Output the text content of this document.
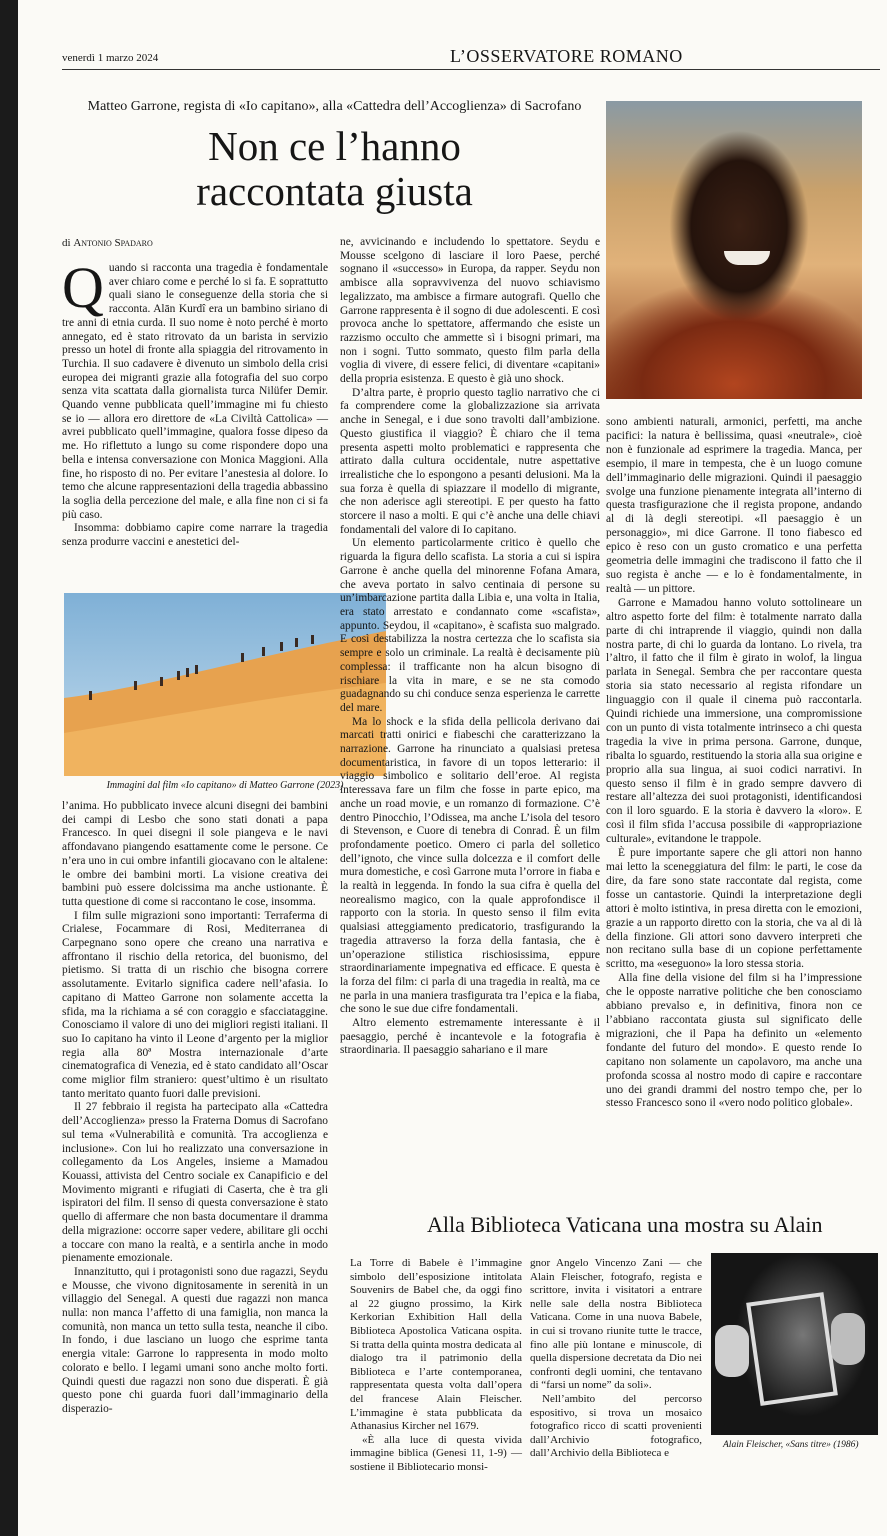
venerdì 1 marzo 2024	L’OSSERVATORE ROMANO
Matteo Garrone, regista di «Io capitano», alla «Cattedra dell’Accoglienza» di Sacrofano
Non ce l’hanno
raccontata giusta
di Antonio Spadaro

Quando si racconta una tragedia è fondamentale aver chiaro come e perché lo si fa. E soprattutto quali siano le conseguenze della storia che si racconta. Alān Kurdî era un bambino siriano di tre anni di etnia curda. Il suo nome è noto perché è morto annegato, ed è stato ritrovato da un barista in servizio presso un hotel di fronte alla spiaggia del ritrovamento in Turchia. Il suo cadavere è divenuto un simbolo della crisi europea dei migranti grazie alla fotografia del suo corpo senza vita scattata dalla giornalista turca Nilüfer Demir. Quando venne pubblicata quell’immagine mi fu chiesto se io — allora ero direttore de «La Civiltà Cattolica» — avrei pubblicato quell’immagine, qualora fosse dipeso da me. Ho riflettuto a lungo su come rispondere dopo una bella e intensa conversazione con Monica Maggioni. Alla fine, ho risposto di no. Per evitare l’anestesia al dolore. Io temo che alcune rappresentazioni della tragedia abbassino la soglia della percezione del male, e alla fine non ci si fa più caso.

Insomma: dobbiamo capire come narrare la tragedia senza produrre vaccini e anestetici del-

Immagini dal film «Io capitano» di Matteo Garrone (2023)

l’anima. Ho pubblicato invece alcuni disegni dei bambini dei campi di Lesbo che sono stati donati a papa Francesco. In quei disegni il sole piangeva e le navi affondavano piangendo esattamente come le persone. Ce n’era uno in cui ombre infantili giocavano con le altalene: le ombre dei bambini morti. La visione creativa dei bambini può essere dolcissima ma anche ustionante. È tutta questione di come si raccontano le cose, insomma.

I film sulle migrazioni sono importanti: Terraferma di Crialese, Focammare di Rosi, Mediterranea di Carpegnano sono opere che creano una narrativa e affrontano il rischio della retorica, del buonismo, del pietismo. Si tratta di un rischio che bisogna correre assolutamente. Evitarlo significa cadere nell’afasia. Io capitano di Matteo Garrone non solamente accetta la sfida, ma la richiama a sé con coraggio e sfacciataggine. Conosciamo il valore di uno dei migliori registi italiani. Il suo Io capitano ha vinto il Leone d’argento per la miglior regia alla 80ª Mostra internazionale d’arte cinematografica di Venezia, ed è stato candidato all’Oscar come miglior film straniero: quest’ultimo è un risultato tanto meritato quanto fuori dalle previsioni.

Il 27 febbraio il regista ha partecipato alla «Cattedra dell’Accoglienza» presso la Fraterna Domus di Sacrofano sul tema «Vulnerabilità e comunità. Tra accoglienza e inclusione». Con lui ho realizzato una conversazione in collegamento da Los Angeles, insieme a Mamadou Kouassi, attivista del Centro sociale ex Canapificio e del Movimento migranti e rifugiati di Caserta, che è tra gli ispiratori del film. Il senso di questa conversazione è stato quello di affermare che non basta documentare il dramma della migrazione: occorre saper vedere, abilitare gli occhi a toccare con mano la realtà, e a sentirla anche in modo pienamente emozionale.

Innanzitutto, qui i protagonisti sono due ragazzi, Seydu e Mousse, che vivono dignitosamente in serenità in un villaggio del Senegal. A questi due ragazzi non manca nulla: non manca l’affetto di una famiglia, non manca la comunità, non manca un tetto sulla testa, neanche il cibo. In fondo, i due lasciano un luogo che esprime tanta energia vitale: Garrone lo rappresenta in modo molto colorato e bello. I legami umani sono anche molto forti. Quindi questi due ragazzi non sono due disperati. È già questo pone chi guarda fuori dall’immaginario della disperazio-

ne, avvicinando e includendo lo spettatore. Seydu e Mousse scelgono di lasciare il loro Paese, perché sognano il «successo» in Europa, da rapper. Seydu non ambisce alla sopravvivenza del nuovo schiavismo legalizzato, ma ambisce a firmare autografi. Quello che Garrone rappresenta è il sogno di due adolescenti. E così provoca anche lo spettatore, affermando che esiste un razzismo occulto che ammette sì i bisogni primari, ma non i sogni. Tutto sommato, questo film parla della voglia di vivere, di essere felici, di diventare «capitani» della propria esistenza. E questo è già uno shock.

D’altra parte, è proprio questo taglio narrativo che ci fa comprendere come la globalizzazione sia arrivata anche in Senegal, e i due sono travolti dall’ambizione. Questo giustifica il viaggio? È chiaro che il tema presenta aspetti molto problematici e rappresenta che attirato dalla cultura occidentale, nutre aspettative irrealistiche che lo espongono a pesanti delusioni. Ma la sua forza è quella di spiazzare il modello di migrante, che non aderisce agli stereotipi. E per questo ha fatto storcere il naso a molti. E qui c’è anche una delle chiavi fondamentali del valore di Io capitano.

Un elemento particolarmente critico è quello che riguarda la figura dello scafista. La storia a cui si ispira Garrone è anche quella del minorenne Fofana Amara, che aveva portato in salvo centinaia di persone su un’imbarcazione partita dalla Libia e, una volta in Italia, era stato arrestato e condannato come «scafista», appunto. Seydou, il «capitano», è scafista suo malgrado. E così destabilizza la nostra certezza che lo scafista sia sempre e solo un criminale. La realtà è decisamente più complessa: il trafficante non ha alcun bisogno di rischiare la vita in mare, e se ne sta comodo guadagnando su chi conduce senza esperienza le carrette del mare.

Ma lo shock e la sfida della pellicola derivano dai marcati tratti onirici e fiabeschi che caratterizzano la narrazione. Garrone ha rinunciato a qualsiasi pretesa documentaristica, in favore di un topos letterario: il viaggio simbolico e solitario dell’eroe. Al regista interessava fare un film che fosse in parte epico, ma anche un road movie, e un romanzo di formazione. C’è dentro Pinocchio, l’Odissea, ma anche L’isola del tesoro di Stevenson, e Cuore di tenebra di Conrad. È un film profondamente poetico. Omero ci parla del solletico dell’ignoto, che vince sulla dolcezza e il comfort delle mura domestiche, e così Garrone muta l’orrore in fiaba e la realtà in leggenda. In fondo la sua cifra è quella del neorealismo magico, con la quale approfondisce il rapporto con la storia. In questo senso il film evita qualsiasi atteggiamento predicatorio, trasfigurando la tragedia attraverso la forza della fantasia, che è un’operazione stilistica rischiosissima, eppure straordinariamente impegnativa ed efficace. E questa è la forza del film: ci parla di una tragedia in realtà, ma ce ne parla in una maniera trasfigurata tra l’epica e la fiaba, che sono le sue due cifre fondamentali.

Altro elemento estremamente interessante è il paesaggio, perché è incantevole e la fotografia è straordinaria. Il paesaggio sahariano e il mare

sono ambienti naturali, armonici, perfetti, ma anche pacifici: la natura è bellissima, quasi «neutrale», cioè non è funzionale ad esprimere la tragedia. Manca, per esempio, il mare in tempesta, che è un luogo comune dell’immaginario delle migrazioni. Quindi il paesaggio svolge una funzione pienamente integrata all’interno di questa trasfigurazione che il regista propone, andando al di là degli stereotipi. «Il paesaggio è un personaggio», mi dice Garrone. Il tono fiabesco ed epico è reso con un gusto cromatico e una perfetta geometria delle immagini che tradiscono il fatto che il suo regista è anche — e lo è fondamentalmente, in realtà — un pittore.

Garrone e Mamadou hanno voluto sottolineare un altro aspetto forte del film: è totalmente narrato dalla parte di chi intraprende il viaggio, quindi non dalla nostra parte, di chi lo guarda da lontano. Lo rivela, tra l’altro, il fatto che il film è girato in wolof, la lingua parlata in Senegal. Sembra che per raccontare questa storia sia stato necessario al regista rifondare un linguaggio con il quale il cinema può raccontarla. Quindi richiede una immersione, una compromissione con un punto di vista totalmente intrinseco a chi questa tragedia la vive in prima persona. Garrone, dunque, ribalta lo sguardo, restituendo la storia alla sua origine e proprio alla sua lingua, ai suoi codici narrativi. In questo senso il film è in grado sempre davvero di restare all’altezza dei suoi protagonisti, identificandosi con il loro sguardo. E la storia è davvero la «loro». E così il film sfida l’accusa possibile di «appropriazione culturale», evitandone le trappole.

È pure importante sapere che gli attori non hanno mai letto la sceneggiatura del film: le parti, le cose da dire, da fare sono state raccontate dal regista, come fosse un cantastorie. Quindi la interpretazione degli attori è molto istintiva, in presa diretta con le emozioni, grazie a un rapporto diretto con la storia, che va al di là della finzione. Gli attori sono davvero interpreti che non recitano sulla base di un copione perfettamente scritto, ma «eseguono» la loro stessa storia.

Alla fine della visione del film si ha l’impressione che le opposte narrative politiche che ben conosciamo abbiano prevalso e, in definitiva, finora non ce l’abbiano raccontata giusta sul significato delle migrazioni, che il Papa ha definito un «elemento fondante del futuro del mondo». E questo rende Io capitano non solamente un capolavoro, ma anche una profonda scossa al nostro modo di capire e raccontare uno dei grandi drammi del nostro tempo che, per lo stesso Francesco sono il «vero nodo politico globale».

Alla Biblioteca Vaticana una mostra su Alain

La Torre di Babele è l’immagine simbolo dell’esposizione intitolata Souvenirs de Babel che, da oggi fino al 22 giugno prossimo, la Kirk Kerkorian Exhibition Hall della Biblioteca Apostolica Vaticana ospita. Si tratta della quinta mostra dedicata al dialogo tra il patrimonio della Biblioteca e l’arte contemporanea, rappresentata questa volta dall’opera del francese Alain Fleischer. L’immagine è stata pubblicata da Athanasius Kircher nel 1679.

«È alla luce di questa vivida immagine biblica (Genesi 11, 1-9) — sostiene il Bibliotecario monsi-

gnor Angelo Vincenzo Zani — che Alain Fleischer, fotografo, regista e scrittore, invita i visitatori a entrare nelle sale della nostra Biblioteca Vaticana. Come in una nuova Babele, in cui si trovano riunite tutte le tracce, fino alle più lontane e minuscole, di quella dispersione decretata da Dio nei confronti degli uomini, che tentavano di “farsi un nome” da soli».

Nell’ambito del percorso espositivo, si trova un mosaico fotografico ricco di scatti provenienti dall’Archivio fotografico, dall’Archivio della Biblioteca e

Alain Fleischer, «Sans titre» (1986)
